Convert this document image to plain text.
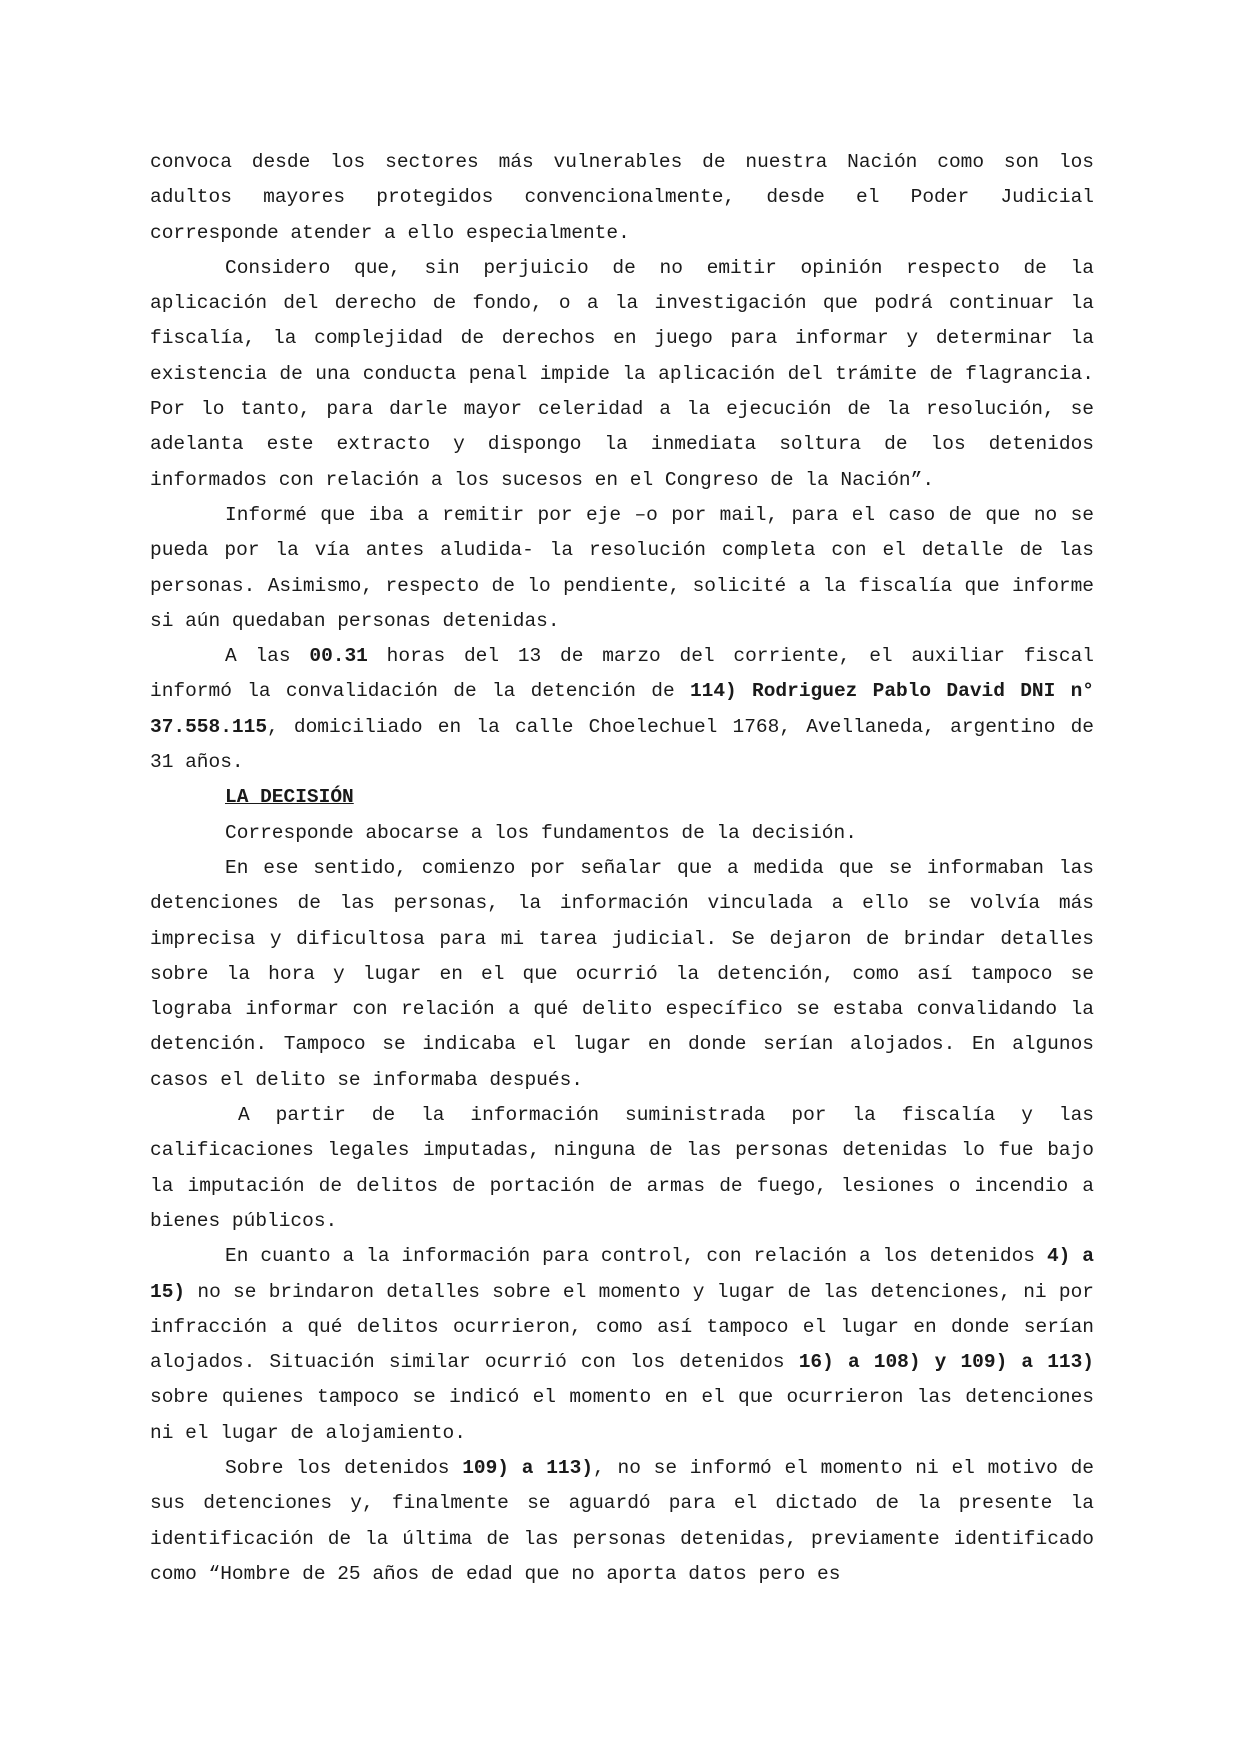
convoca desde los sectores más vulnerables de nuestra Nación como son los adultos mayores protegidos convencionalmente, desde el Poder Judicial corresponde atender a ello especialmente.

Considero que, sin perjuicio de no emitir opinión respecto de la aplicación del derecho de fondo, o a la investigación que podrá continuar la fiscalía, la complejidad de derechos en juego para informar y determinar la existencia de una conducta penal impide la aplicación del trámite de flagrancia. Por lo tanto, para darle mayor celeridad a la ejecución de la resolución, se adelanta este extracto y dispongo la inmediata soltura de los detenidos informados con relación a los sucesos en el Congreso de la Nación”.

Informé que iba a remitir por eje –o por mail, para el caso de que no se pueda por la vía antes aludida- la resolución completa con el detalle de las personas. Asimismo, respecto de lo pendiente, solicité a la fiscalía que informe si aún quedaban personas detenidas.

A las 00.31 horas del 13 de marzo del corriente, el auxiliar fiscal informó la convalidación de la detención de 114) Rodriguez Pablo David DNI n° 37.558.115, domiciliado en la calle Choelechuel 1768, Avellaneda, argentino de 31 años.

LA DECISIÓN

Corresponde abocarse a los fundamentos de la decisión.

En ese sentido, comienzo por señalar que a medida que se informaban las detenciones de las personas, la información vinculada a ello se volvía más imprecisa y dificultosa para mi tarea judicial. Se dejaron de brindar detalles sobre la hora y lugar en el que ocurrió la detención, como así tampoco se lograba informar con relación a qué delito específico se estaba convalidando la detención. Tampoco se indicaba el lugar en donde serían alojados. En algunos casos el delito se informaba después.

A partir de la información suministrada por la fiscalía y las calificaciones legales imputadas, ninguna de las personas detenidas lo fue bajo la imputación de delitos de portación de armas de fuego, lesiones o incendio a bienes públicos.

En cuanto a la información para control, con relación a los detenidos 4) a 15) no se brindaron detalles sobre el momento y lugar de las detenciones, ni por infracción a qué delitos ocurrieron, como así tampoco el lugar en donde serían alojados. Situación similar ocurrió con los detenidos 16) a 108) y 109) a 113) sobre quienes tampoco se indicó el momento en el que ocurrieron las detenciones ni el lugar de alojamiento.

Sobre los detenidos 109) a 113), no se informó el momento ni el motivo de sus detenciones y, finalmente se aguardó para el dictado de la presente la identificación de la última de las personas detenidas, previamente identificado como “Hombre de 25 años de edad que no aporta datos pero es
